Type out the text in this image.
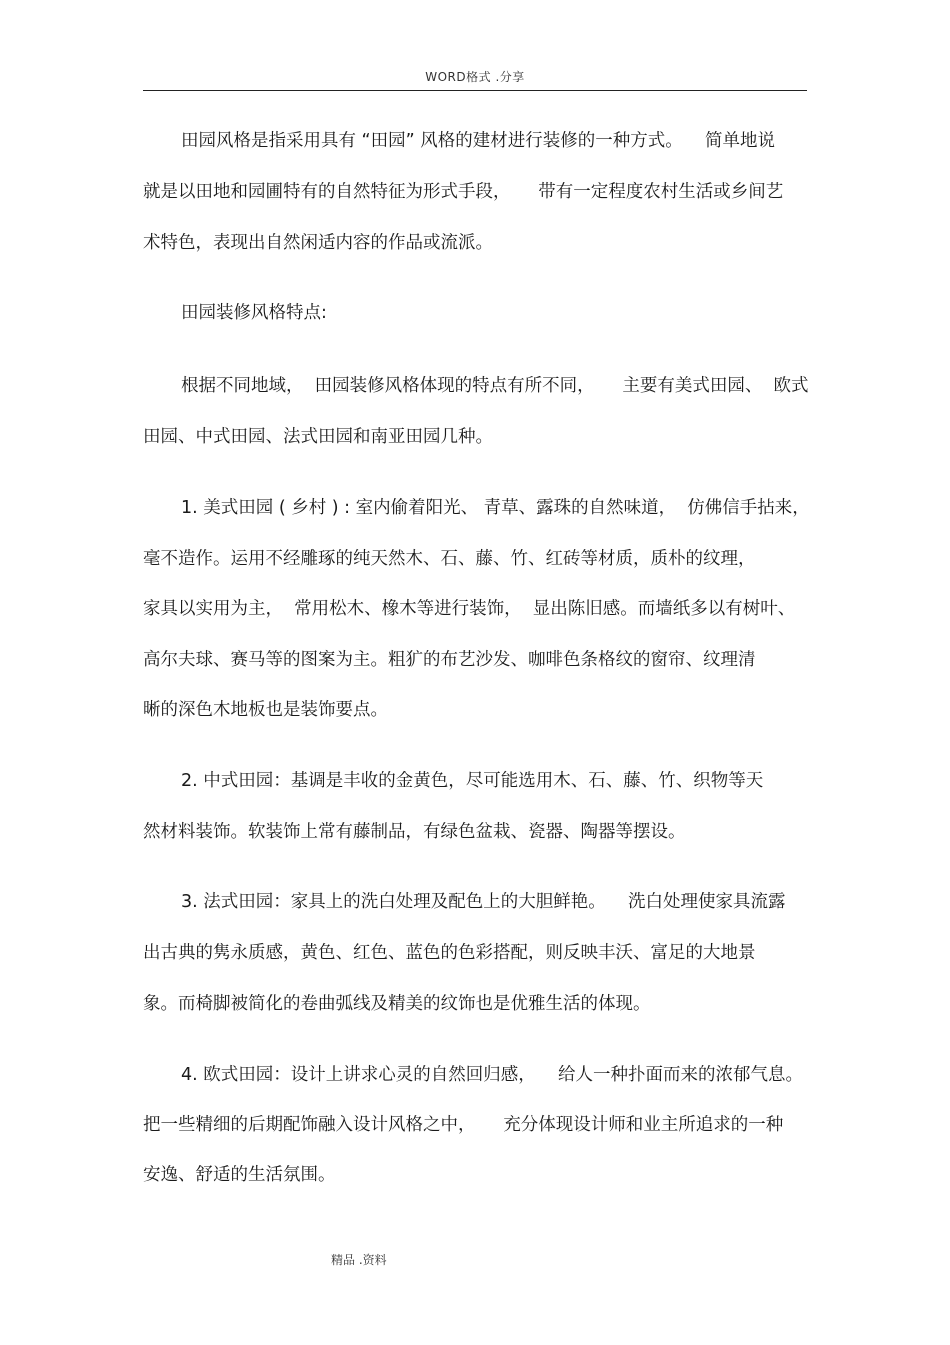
WORD格式 .分享
田园风格是指采用具有 “田园” 风格的建材进行装修的一种方式。    简单地说
就是以田地和园圃特有的自然特征为形式手段，     带有一定程度农村生活或乡间艺
术特色，表现出自然闲适内容的作品或流派。
田园装修风格特点:
根据不同地域，  田园装修风格体现的特点有所不同，     主要有美式田园、  欧式
田园、中式田园、法式田园和南亚田园几种。
1. 美式田园 ( 乡村 ) : 室内偷着阳光、 青草、露珠的自然味道，  仿佛信手拈来，
毫不造作。运用不经雕琢的纯天然木、石、藤、竹、红砖等材质，质朴的纹理，
家具以实用为主，  常用松木、橡木等进行装饰，  显出陈旧感。而墙纸多以有树叶、
高尔夫球、赛马等的图案为主。粗犷的布艺沙发、咖啡色条格纹的窗帘、纹理清
晰的深色木地板也是装饰要点。
2. 中式田园：基调是丰收的金黄色，尽可能选用木、石、藤、竹、织物等天
然材料装饰。软装饰上常有藤制品，有绿色盆栽、瓷器、陶器等摆设。
3. 法式田园：家具上的洗白处理及配色上的大胆鲜艳。    洗白处理使家具流露
出古典的隽永质感，黄色、红色、蓝色的色彩搭配，则反映丰沃、富足的大地景
象。而椅脚被简化的卷曲弧线及精美的纹饰也是优雅生活的体现。
4. 欧式田园：设计上讲求心灵的自然回归感，    给人一种扑面而来的浓郁气息。
把一些精细的后期配饰融入设计风格之中，     充分体现设计师和业主所追求的一种
安逸、舒适的生活氛围。
精品 .资料
